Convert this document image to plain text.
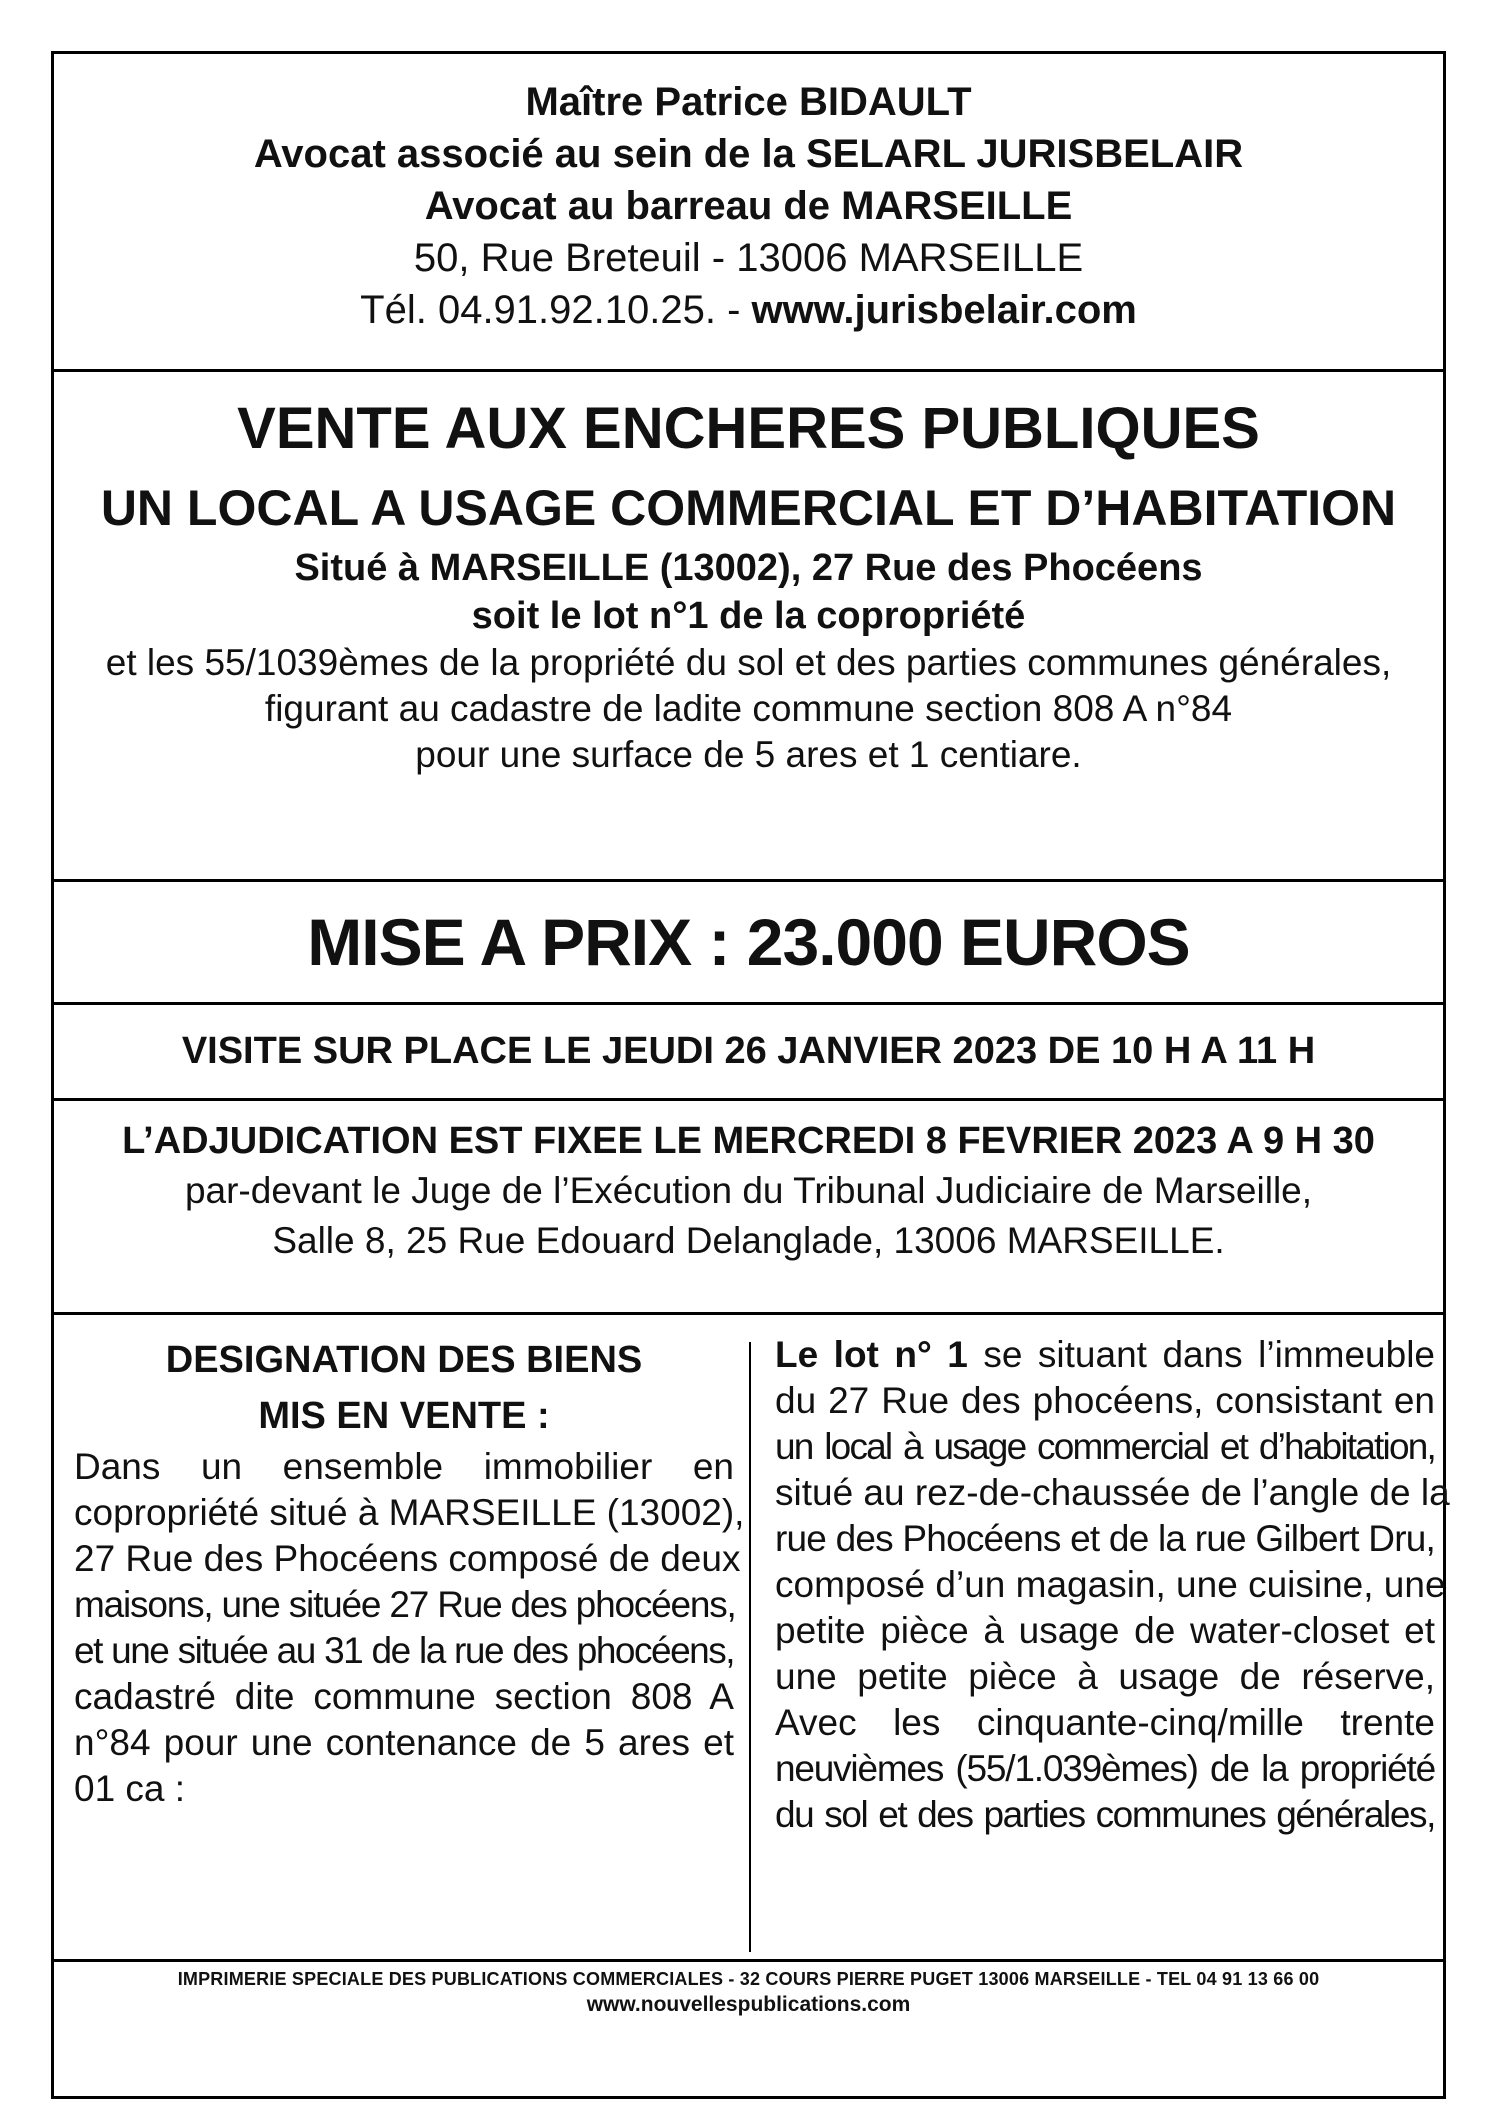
Maître Patrice BIDAULT
Avocat associé au sein de la SELARL JURISBELAIR
Avocat au barreau de MARSEILLE
50, Rue Breteuil - 13006 MARSEILLE
Tél. 04.91.92.10.25. - www.jurisbelair.com
VENTE AUX ENCHERES PUBLIQUES
UN LOCAL A USAGE COMMERCIAL ET D’HABITATION
Situé à MARSEILLE (13002), 27 Rue des Phocéens
soit le lot n°1 de la copropriété
et les 55/1039èmes de la propriété du sol et des parties communes générales,
figurant au cadastre de ladite commune section 808 A n°84
pour une surface de 5 ares et 1 centiare.
MISE A PRIX : 23.000 EUROS
VISITE SUR PLACE LE JEUDI 26 JANVIER 2023 DE 10 H A 11 H
L’ADJUDICATION EST FIXEE LE MERCREDI 8 FEVRIER 2023 A 9 H 30
par-devant le Juge de l’Exécution du Tribunal Judiciaire de Marseille,
Salle 8, 25 Rue Edouard Delanglade, 13006 MARSEILLE.
DESIGNATION DES BIENS
MIS EN VENTE :
Dans un ensemble immobilier en
copropriété situé à MARSEILLE (13002),
27 Rue des Phocéens composé de deux
maisons, une située 27 Rue des phocéens,
et une située au 31 de la rue des phocéens,
cadastré dite commune section 808 A
n°84 pour une contenance de 5 ares et
01 ca :
Le lot n° 1 se situant dans l’immeuble
du 27 Rue des phocéens, consistant en
un local à usage commercial et d’habitation,
situé au rez-de-chaussée de l’angle de la
rue des Phocéens et de la rue Gilbert Dru,
composé d’un magasin, une cuisine, une
petite pièce à usage de water-closet et
une petite pièce à usage de réserve,
Avec les cinquante-cinq/mille trente
neuvièmes (55/1.039èmes) de la propriété
du sol et des parties communes générales,
IMPRIMERIE SPECIALE DES PUBLICATIONS COMMERCIALES - 32 COURS PIERRE PUGET 13006 MARSEILLE - TEL 04 91 13 66 00
www.nouvellespublications.com
